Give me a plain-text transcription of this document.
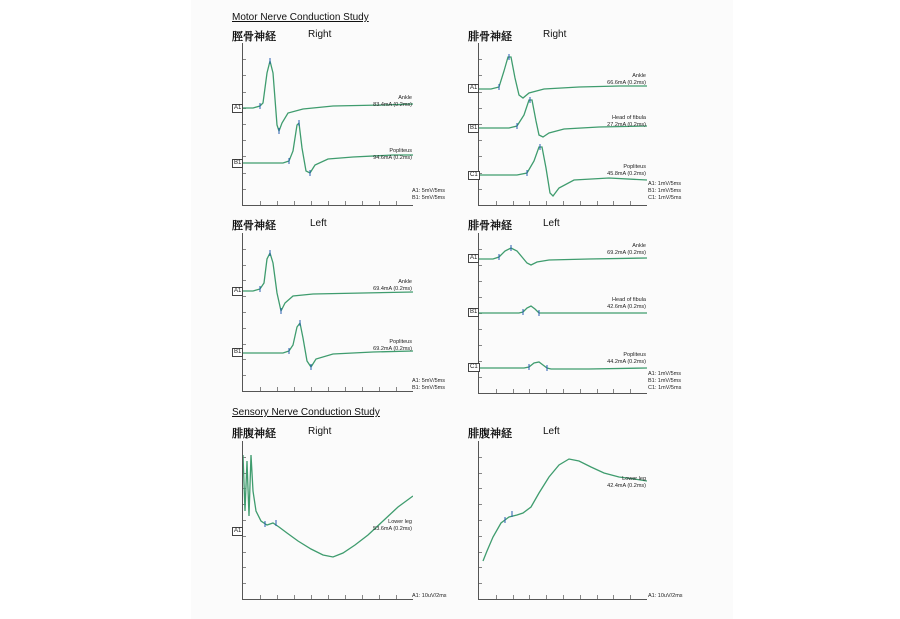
Motor Nerve Conduction Study
Sensory Nerve Conduction Study
脛骨神経	Right
A1
B1
Ankle
83.4mA (0.2ms)
Popliteus
94.6mA (0.2ms)
A1: 5mV/5ms
B1: 5mV/5ms
腓骨神経	Right
A1
B1
C1
Ankle
66.6mA (0.2ms)
Head of fibula
27.2mA (0.2ms)
Popliteus
45.8mA (0.2ms)
A1: 1mV/5ms
B1: 1mV/5ms
C1: 1mV/5ms
脛骨神経	Left
A1
B1
Ankle
69.4mA (0.2ms)
Popliteus
69.2mA (0.2ms)
A1: 5mV/5ms
B1: 5mV/5ms
腓骨神経	Left
A1
B1
C1
Ankle
69.2mA (0.2ms)
Head of fibula
42.6mA (0.2ms)
Popliteus
44.2mA (0.2ms)
A1: 1mV/5ms
B1: 1mV/5ms
C1: 1mV/5ms
腓腹神経	Right
A1
Lower leg
53.6mA (0.2ms)
A1: 10uV/2ms
腓腹神経	Left
Lower leg
42.4mA (0.2ms)
A1: 10uV/2ms
